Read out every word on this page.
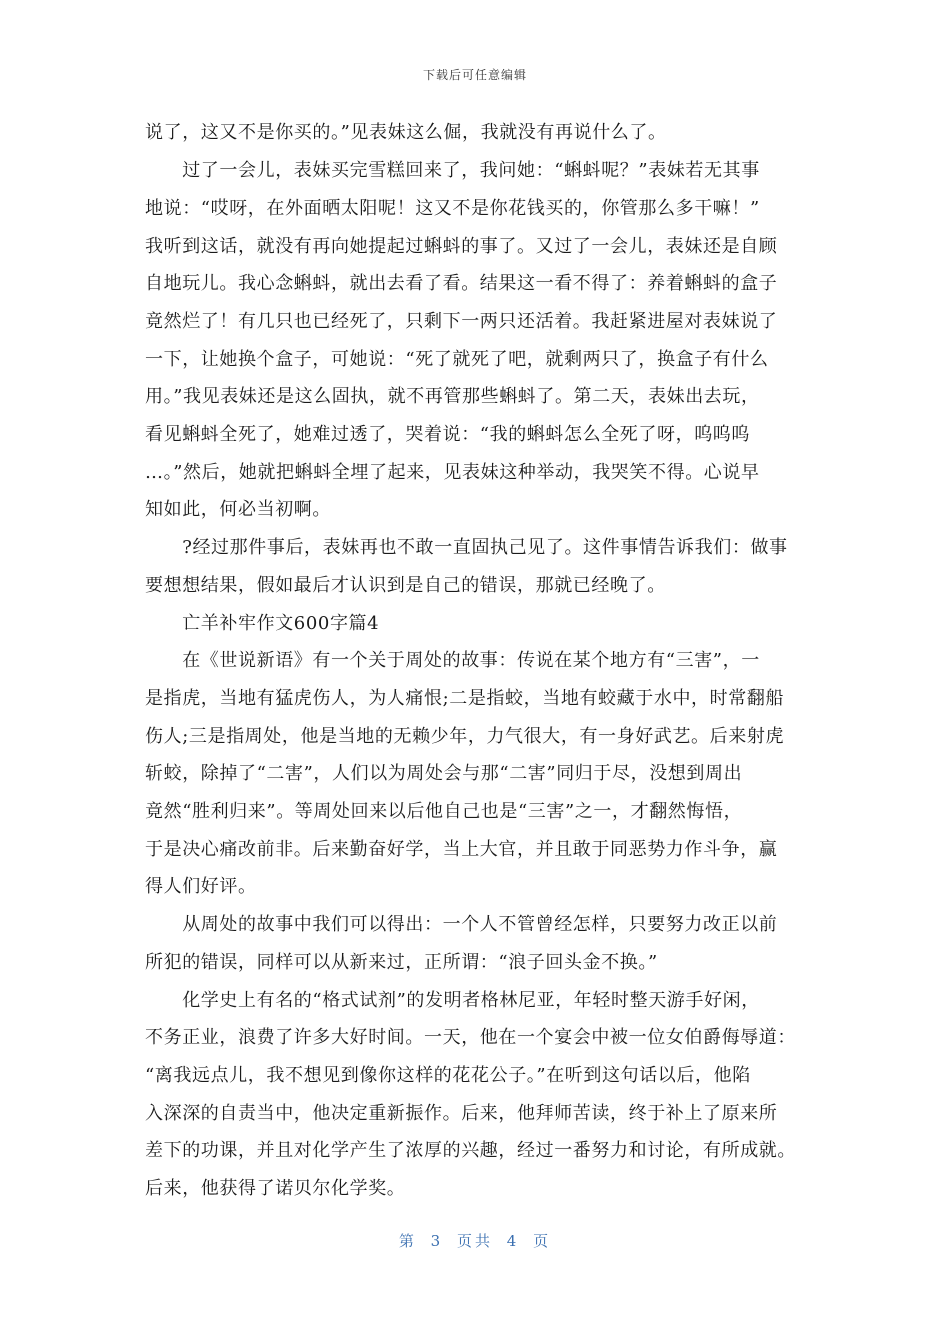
下载后可任意编辑
说了，这又不是你买的。”见表妹这么倔，我就没有再说什么了。
　　过了一会儿，表妹买完雪糕回来了，我问她：“蝌蚪呢？”表妹若无其事
地说：“哎呀，在外面晒太阳呢！这又不是你花钱买的，你管那么多干嘛！”
我听到这话，就没有再向她提起过蝌蚪的事了。又过了一会儿，表妹还是自顾
自地玩儿。我心念蝌蚪，就出去看了看。结果这一看不得了：养着蝌蚪的盒子
竟然烂了！有几只也已经死了，只剩下一两只还活着。我赶紧进屋对表妹说了
一下，让她换个盒子，可她说：“死了就死了吧，就剩两只了，换盒子有什么
用。”我见表妹还是这么固执，就不再管那些蝌蚪了。第二天，表妹出去玩，
看见蝌蚪全死了，她难过透了，哭着说：“我的蝌蚪怎么全死了呀，呜呜呜
…。”然后，她就把蝌蚪全埋了起来，见表妹这种举动，我哭笑不得。心说早
知如此，何必当初啊。
　　?经过那件事后，表妹再也不敢一直固执己见了。这件事情告诉我们：做事
要想想结果，假如最后才认识到是自己的错误，那就已经晚了。
　　亡羊补牢作文600字篇4
　　在《世说新语》有一个关于周处的故事：传说在某个地方有“三害”，一
是指虎，当地有猛虎伤人，为人痛恨;二是指蛟，当地有蛟藏于水中，时常翻船
伤人;三是指周处，他是当地的无赖少年，力气很大，有一身好武艺。后来射虎
斩蛟，除掉了“二害”，人们以为周处会与那“二害”同归于尽，没想到周出
竟然“胜利归来”。等周处回来以后他自己也是“三害”之一，才翻然悔悟，
于是决心痛改前非。后来勤奋好学，当上大官，并且敢于同恶势力作斗争，赢
得人们好评。
　　从周处的故事中我们可以得出：一个人不管曾经怎样，只要努力改正以前
所犯的错误，同样可以从新来过，正所谓：“浪子回头金不换。”
　　化学史上有名的“格式试剂”的发明者格林尼亚，年轻时整天游手好闲，
不务正业，浪费了许多大好时间。一天，他在一个宴会中被一位女伯爵侮辱道：
“离我远点儿，我不想见到像你这样的花花公子。”在听到这句话以后，他陷
入深深的自责当中，他决定重新振作。后来，他拜师苦读，终于补上了原来所
差下的功课，并且对化学产生了浓厚的兴趣，经过一番努力和讨论，有所成就。
后来，他获得了诺贝尔化学奖。
第 3 页共 4 页
